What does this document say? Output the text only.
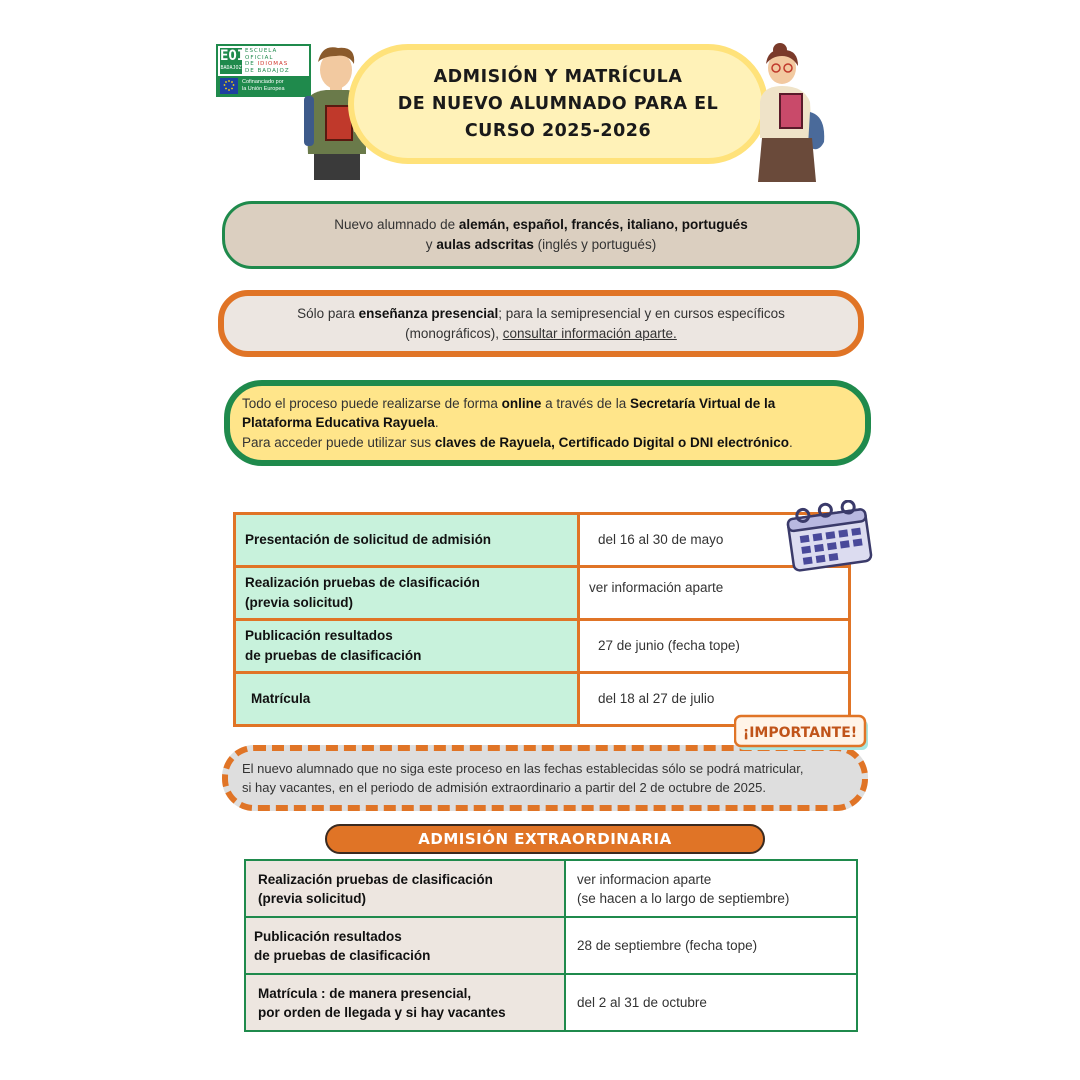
EOI
BADAJOZ
ESCUELA
OFICIAL
DE IDIOMAS
DE BADAJOZ
Cofinanciado por
la Unión Europea
ADMISIÓN Y MATRÍCULA
DE NUEVO ALUMNADO PARA EL
CURSO 2025-2026

Nuevo alumnado de alemán, español, francés, italiano, portugués
y aulas adscritas (inglés y portugués)

Sólo para enseñanza presencial; para la semipresencial y en cursos específicos
(monográficos), consultar información aparte.

Todo el proceso puede realizarse de forma online a través de la Secretaría Virtual de la
Plataforma Educativa Rayuela.
Para acceder puede utilizar sus claves de Rayuela, Certificado Digital o DNI electrónico.

Presentación de solicitud de admisión	del 16 al 30 de mayo
Realización pruebas de clasificación
(previa solicitud)	ver información aparte
Publicación resultados
de pruebas de clasificación	27 de junio (fecha tope)
Matrícula	del 18 al 27 de julio

El nuevo alumnado que no siga este proceso en las fechas establecidas sólo se podrá matricular,
si hay vacantes, en el periodo de admisión extraordinario a partir del 2 de octubre de 2025.

¡IMPORTANTE!
ADMISIÓN EXTRAORDINARIA
Realización pruebas de clasificación
(previa solicitud)	ver informacion aparte
(se hacen a lo largo de septiembre)
Publicación resultados
de pruebas de clasificación	28 de septiembre (fecha tope)
Matrícula : de manera presencial,
por orden de llegada y si hay vacantes	del 2 al 31 de octubre
